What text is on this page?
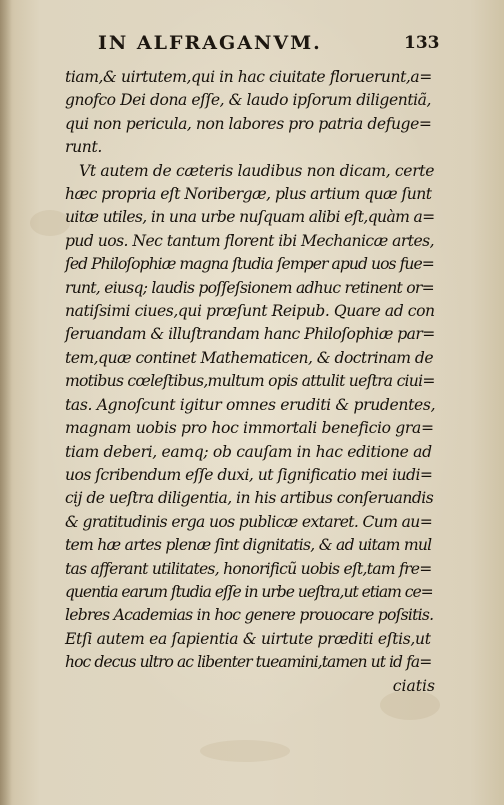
IN ALFRAGANVM.	133
tiam,& uirtutem,qui in hac ciuitate floruerunt,a=
gnofco Dei dona eſſe, & laudo ipſorum diligentiã,
qui non pericula, non labores pro patria defuge=
runt.
Vt autem de cæteris laudibus non dicam, certe
hæc propria eſt Noribergæ, plus artium quæ ſunt
uitæ utiles, in una urbe nuſquam alibi eſt,quàm a=
pud uos. Nec tantum florent ibi Mechanicæ artes,
ſed Philoſophiæ magna ſtudia ſemper apud uos fue=
runt, eiusq; laudis poſſeſsionem adhuc retinent or=
natiſsimi ciues,qui præſunt Reipub. Quare ad con
ſeruandam & illuſtrandam hanc Philoſophiæ par=
tem,quæ continet Mathematicen, & doctrinam de
motibus cœleſtibus,multum opis attulit ueſtra ciui=
tas. Agnoſcunt igitur omnes eruditi & prudentes,
magnam uobis pro hoc immortali beneficio gra=
tiam deberi, eamq; ob cauſam in hac editione ad
uos ſcribendum eſſe duxi, ut ſignificatio mei iudi=
cij de ueſtra diligentia, in his artibus conſeruandis
& gratitudinis erga uos publicæ extaret. Cum au=
tem hæ artes plenæ ſint dignitatis, & ad uitam mul
tas afferant utilitates, honorificũ uobis eſt,tam fre=
quentia earum ſtudia eſſe in urbe ueſtra,ut etiam ce=
lebres Academias in hoc genere prouocare poſsitis.
Etſi autem ea ſapientia & uirtute præditi eſtis,ut
hoc decus ultro ac libenter tueamini,tamen ut id fa=
ciatis
